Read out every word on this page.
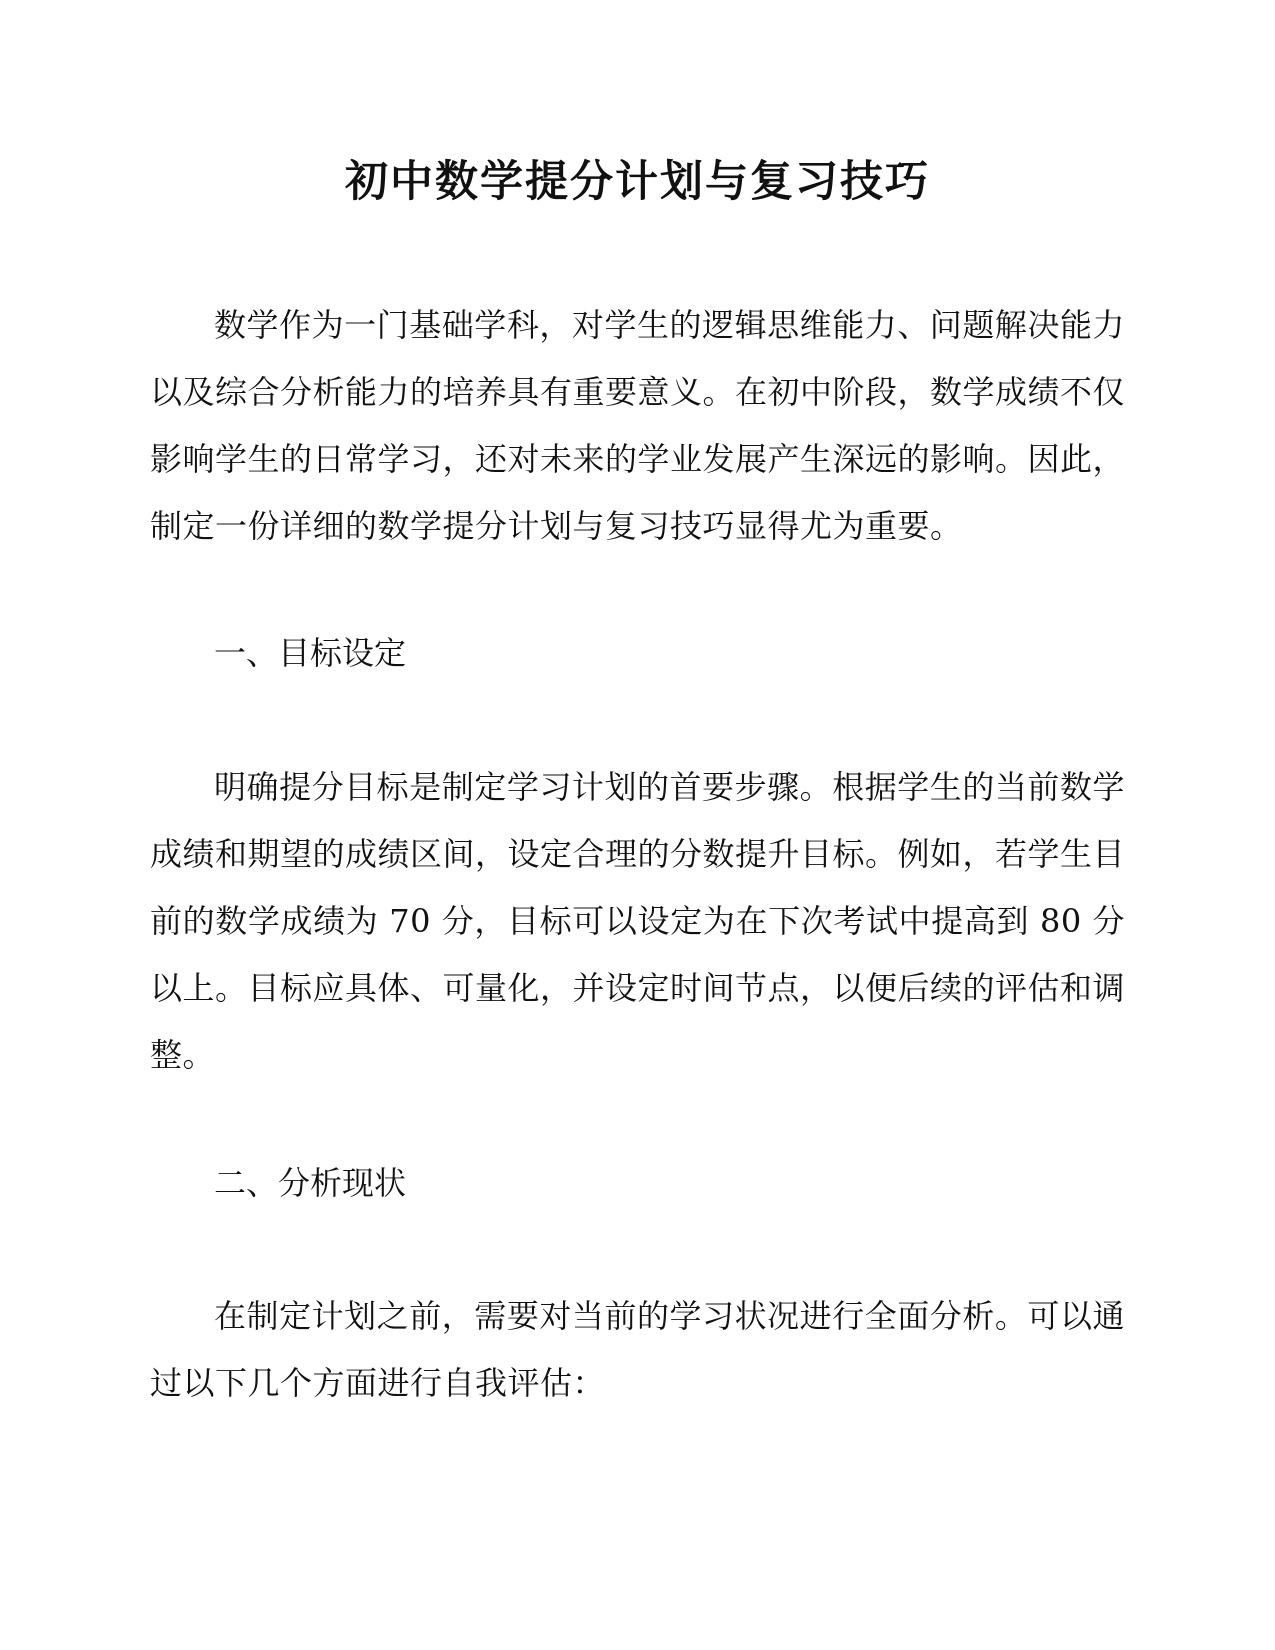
初中数学提分计划与复习技巧

数学作为一门基础学科，对学生的逻辑思维能力、问题解决能力以及综合分析能力的培养具有重要意义。在初中阶段，数学成绩不仅影响学生的日常学习，还对未来的学业发展产生深远的影响。因此，制定一份详细的数学提分计划与复习技巧显得尤为重要。

一、目标设定

明确提分目标是制定学习计划的首要步骤。根据学生的当前数学成绩和期望的成绩区间，设定合理的分数提升目标。例如，若学生目前的数学成绩为 70 分，目标可以设定为在下次考试中提高到 80 分以上。目标应具体、可量化，并设定时间节点，以便后续的评估和调整。

二、分析现状

在制定计划之前，需要对当前的学习状况进行全面分析。可以通过以下几个方面进行自我评估：
